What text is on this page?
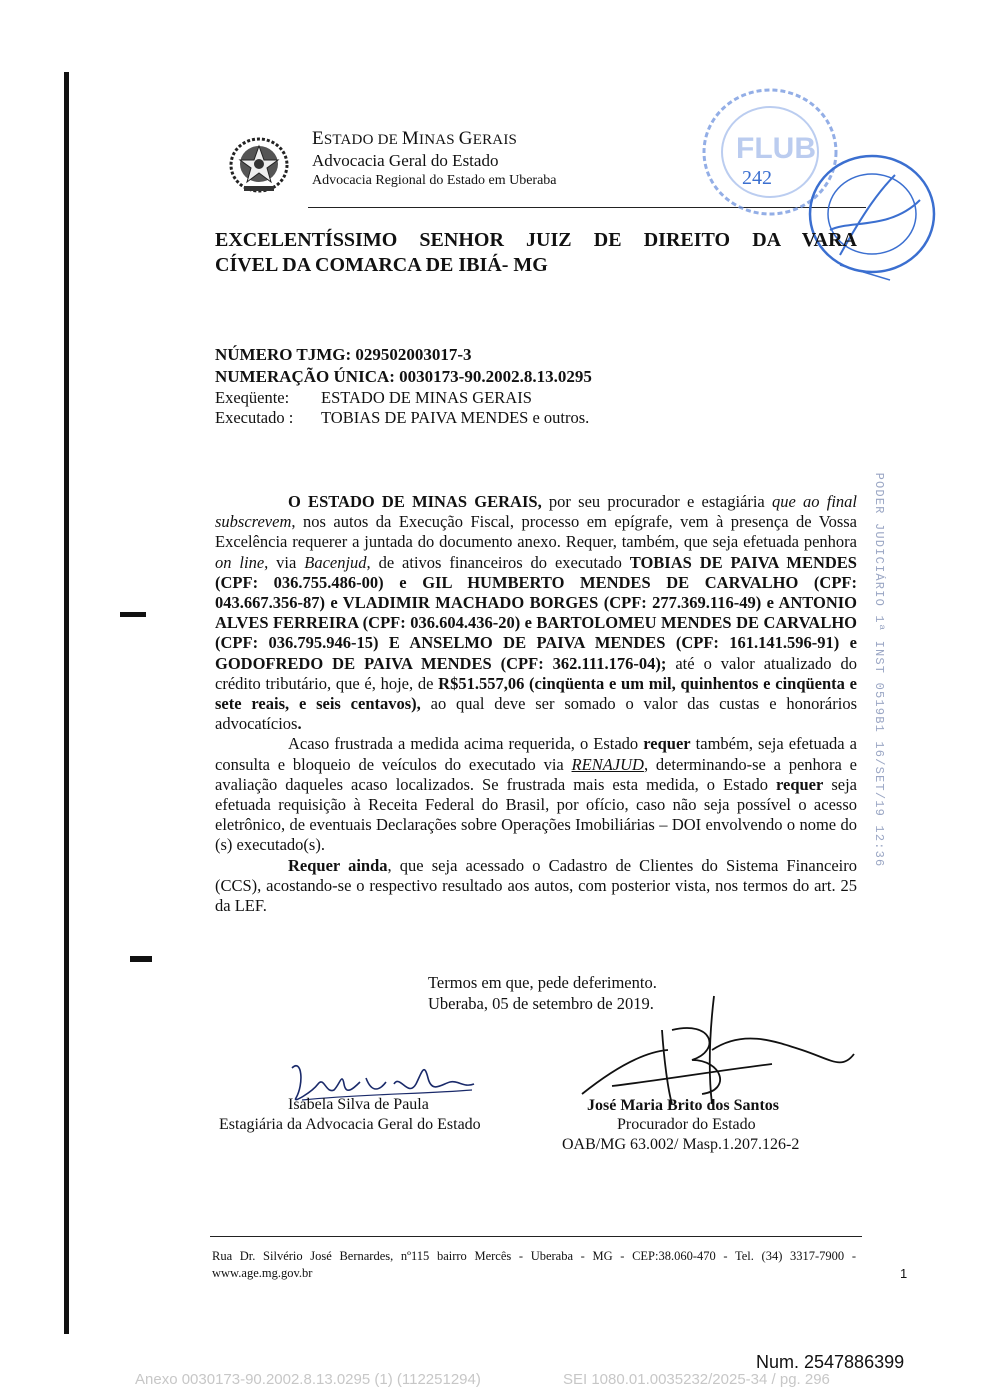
ESTADO DE MINAS GERAIS
Advocacia Geral do Estado
Advocacia Regional do Estado em Uberaba
FLUB
242
EXCELENTÍSSIMO SENHOR JUIZ DE DIREITO DA VARA
CÍVEL DA COMARCA DE IBIÁ- MG
NÚMERO TJMG: 029502003017-3
NUMERAÇÃO ÚNICA: 0030173-90.2002.8.13.0295
Exeqüente: ESTADO DE MINAS GERAIS
Executado : TOBIAS DE PAIVA MENDES e outros.

O ESTADO DE MINAS GERAIS, por seu procurador e estagiária que ao final subscrevem, nos autos da Execução Fiscal, processo em epígrafe, vem à presença de Vossa Excelência requerer a juntada do documento anexo. Requer, também, que seja efetuada penhora on line, via Bacenjud, de ativos financeiros do executado TOBIAS DE PAIVA MENDES (CPF: 036.755.486-00) e GIL HUMBERTO MENDES DE CARVALHO (CPF: 043.667.356-87) e VLADIMIR MACHADO BORGES (CPF: 277.369.116-49) e ANTONIO ALVES FERREIRA (CPF: 036.604.436-20) e BARTOLOMEU MENDES DE CARVALHO (CPF: 036.795.946-15) E ANSELMO DE PAIVA MENDES (CPF: 161.141.596-91) e GODOFREDO DE PAIVA MENDES (CPF: 362.111.176-04); até o valor atualizado do crédito tributário, que é, hoje, de R$51.557,06 (cinqüenta e um mil, quinhentos e cinqüenta e sete reais, e seis centavos), ao qual deve ser somado o valor das custas e honorários advocatícios.

Acaso frustrada a medida acima requerida, o Estado requer também, seja efetuada a consulta e bloqueio de veículos do executado via RENAJUD, determinando-se a penhora e avaliação daqueles acaso localizados. Se frustrada mais esta medida, o Estado requer seja efetuada requisição à Receita Federal do Brasil, por ofício, caso não seja possível o acesso eletrônico, de eventuais Declarações sobre Operações Imobiliárias – DOI envolvendo o nome do (s) executado(s).

Requer ainda, que seja acessado o Cadastro de Clientes do Sistema Financeiro (CCS), acostando-se o respectivo resultado aos autos, com posterior vista, nos termos do art. 25 da LEF.

PODER JUDICIÁRIO 1ª INST 0519B1 16/SET/19 12:36
Termos em que, pede deferimento.
Uberaba, 05 de setembro de 2019.
Isabela Silva de Paula
Estagiária da Advocacia Geral do Estado
José Maria Brito dos Santos
Procurador do Estado
OAB/MG 63.002/ Masp.1.207.126-2
Rua Dr. Silvério José Bernardes, nº115 bairro Mercês - Uberaba - MG - CEP:38.060-470 - Tel. (34) 3317-7900 - www.age.mg.gov.br	1
Num. 2547886399
Anexo 0030173-90.2002.8.13.0295 (1) (112251294)	SEI 1080.01.0035232/2025-34 / pg. 296
